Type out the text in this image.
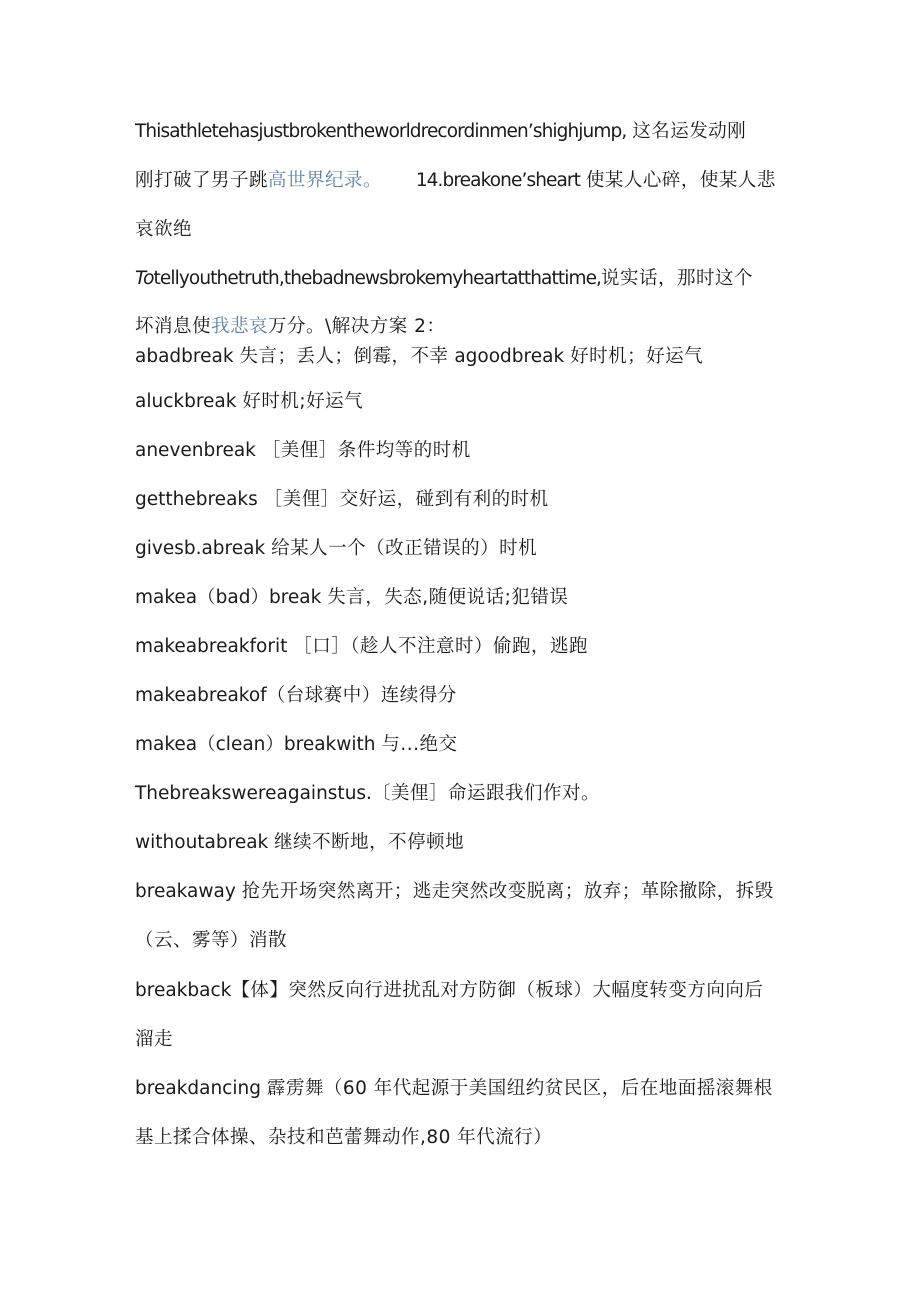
Thisathletehasjustbrokentheworldrecordinmen’shighjump, 这名运发动刚
刚打破了男子跳高世界纪录。 14.breakone’sheart 使某人心碎，使某人悲
哀欲绝
Totellyouthetruth,thebadnewsbrokemyheartatthattime,说实话，那时这个
坏消息使我悲哀万分。\解决方案 2：
abadbreak 失言；丢人；倒霉，不幸 agoodbreak 好时机；好运气
aluckbreak 好时机;好运气
anevenbreak ［美俚］条件均等的时机
getthebreaks ［美俚］交好运，碰到有利的时机
givesb.abreak 给某人一个（改正错误的）时机
makea（bad）break 失言，失态,随便说话;犯错误
makeabreakforit ［口］（趁人不注意时）偷跑，逃跑
makeabreakof（台球赛中）连续得分
makea（clean）breakwith 与...绝交
Thebreakswereagainstus.〔美俚］命运跟我们作对。
withoutabreak 继续不断地，不停顿地
breakaway 抢先开场突然离开；逃走突然改变脱离；放弃；革除撤除，拆毁
（云、雾等）消散
breakback【体】突然反向行进扰乱对方防御（板球）大幅度转变方向向后
溜走
breakdancing 霹雳舞（60 年代起源于美国纽约贫民区，后在地面摇滚舞根
基上揉合体操、杂技和芭蕾舞动作,80 年代流行）
